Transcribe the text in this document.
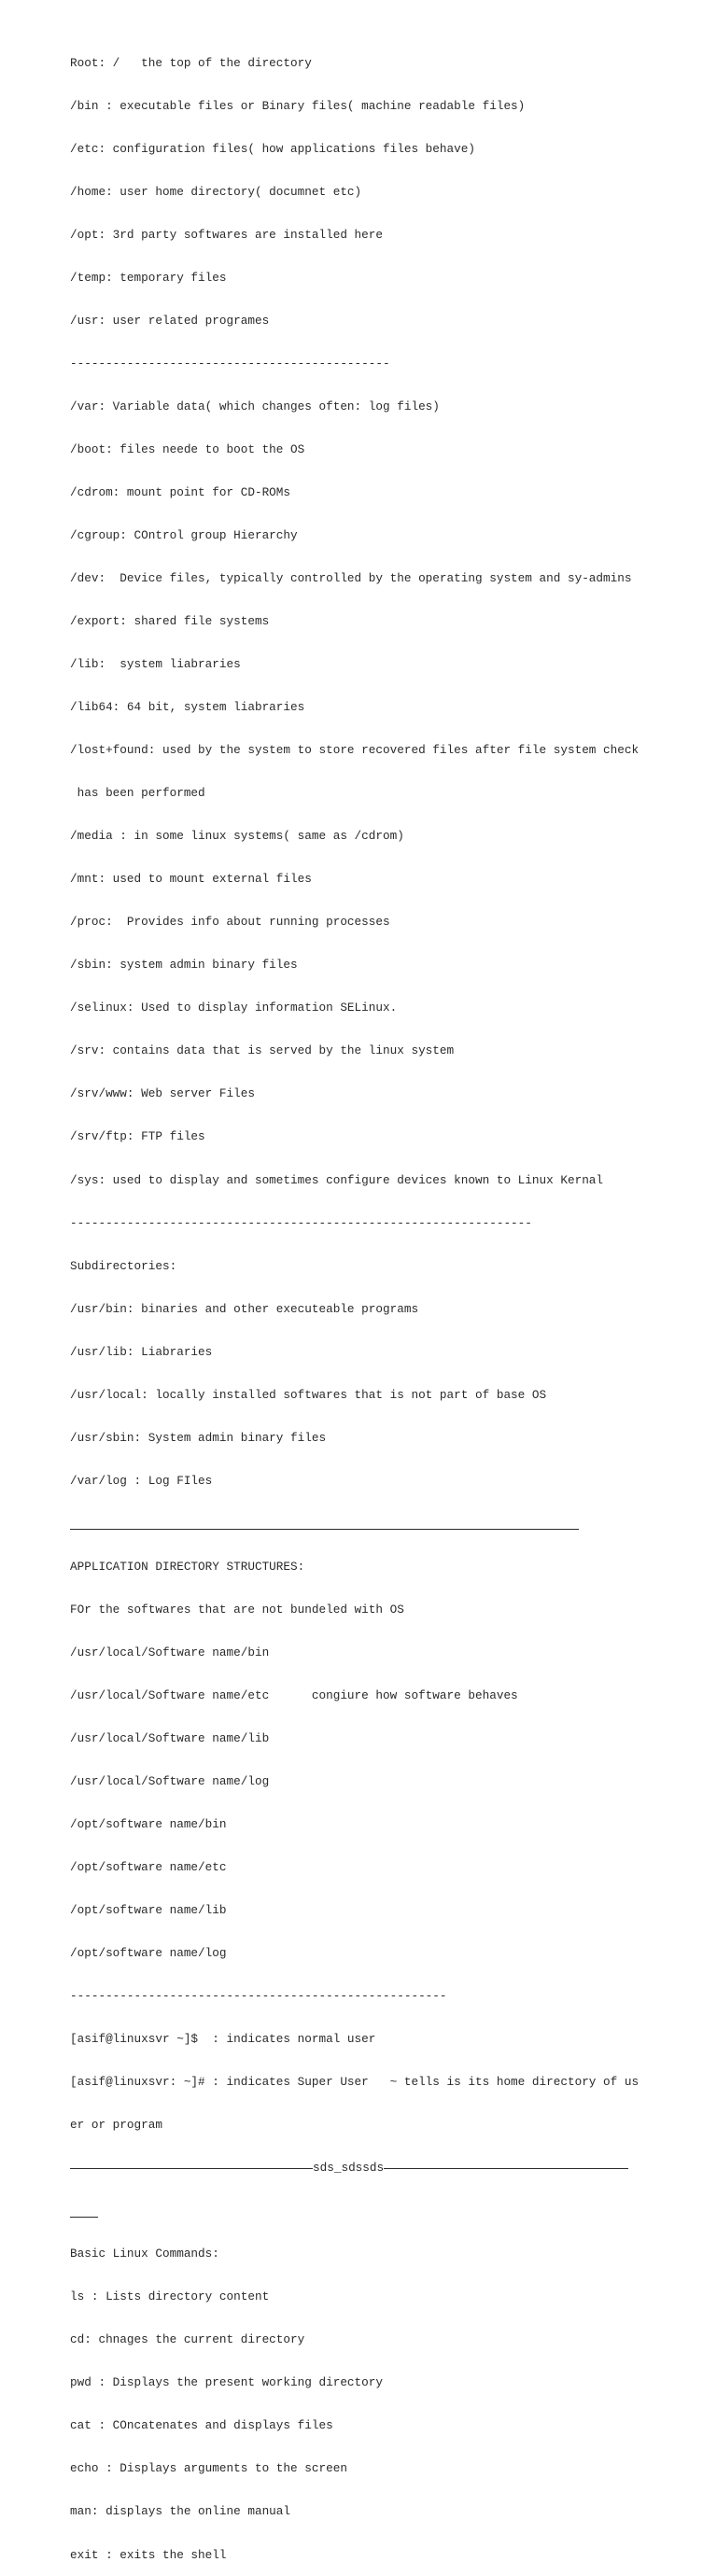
Root: /   the top of the directory

/bin : executable files or Binary files( machine readable files)

/etc: configuration files( how applications files behave)

/home: user home directory( documnet etc)

/opt: 3rd party softwares are installed here

/temp: temporary files

/usr: user related programes

---------------------------------------------

/var: Variable data( which changes often: log files)

/boot: files neede to boot the OS

/cdrom: mount point for CD-ROMs

/cgroup: COntrol group Hierarchy

/dev:  Device files, typically controlled by the operating system and sy-admins

/export: shared file systems

/lib:  system liabraries

/lib64: 64 bit, system liabraries

/lost+found: used by the system to store recovered files after file system check

has been performed

/media : in some linux systems( same as /cdrom)

/mnt: used to mount external files

/proc:  Provides info about running processes

/sbin: system admin binary files

/selinux: Used to display information SELinux.

/srv: contains data that is served by the linux system

/srv/www: Web server Files

/srv/ftp: FTP files

/sys: used to display and sometimes configure devices known to Linux Kernal

-----------------------------------------------------------------

Subdirectories:

/usr/bin: binaries and other executeable programs

/usr/lib: Liabraries

/usr/local: locally installed softwares that is not part of base OS

/usr/sbin: System admin binary files

/var/log : Log FIles

APPLICATION DIRECTORY STRUCTURES:

FOr the softwares that are not bundeled with OS

/usr/local/Software name/bin

/usr/local/Software name/etc      congiure how software behaves

/usr/local/Software name/lib

/usr/local/Software name/log

/opt/software name/bin

/opt/software name/etc

/opt/software name/lib

/opt/software name/log

-----------------------------------------------------

[asif@linuxsvr ~]$  : indicates normal user

[asif@linuxsvr: ~]# : indicates Super User   ~ tells is its home directory of us

er or program

sds_sdssds

Basic Linux Commands:

ls : Lists directory content

cd: chnages the current directory

pwd : Displays the present working directory

cat : COncatenates and displays files

echo : Displays arguments to the screen

man: displays the online manual

exit : exits the shell
